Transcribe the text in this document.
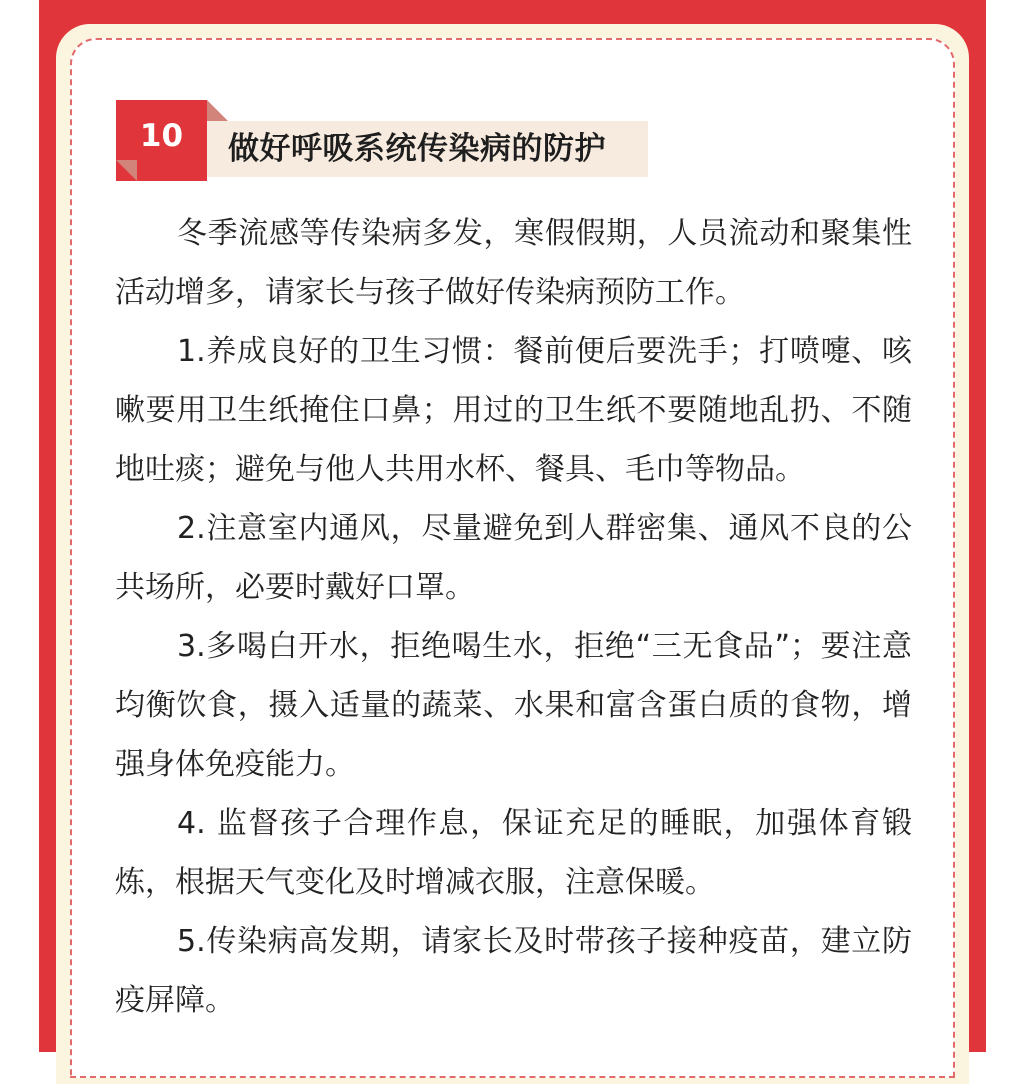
做好呼吸系统传染病的防护
10

冬季流感等传染病多发，寒假假期，人员流动和聚集性活动增多，请家长与孩子做好传染病预防工作。

1.养成良好的卫生习惯：餐前便后要洗手；打喷嚏、咳嗽要用卫生纸掩住口鼻；用过的卫生纸不要随地乱扔、不随地吐痰；避免与他人共用水杯、餐具、毛巾等物品。

2.注意室内通风，尽量避免到人群密集、通风不良的公共场所，必要时戴好口罩。

3.多喝白开水，拒绝喝生水，拒绝“三无食品”；要注意均衡饮食，摄入适量的蔬菜、水果和富含蛋白质的食物，增强身体免疫能力。

4. 监督孩子合理作息，保证充足的睡眠，加强体育锻炼，根据天气变化及时增减衣服，注意保暖。

5.传染病高发期，请家长及时带孩子接种疫苗，建立防疫屏障。
